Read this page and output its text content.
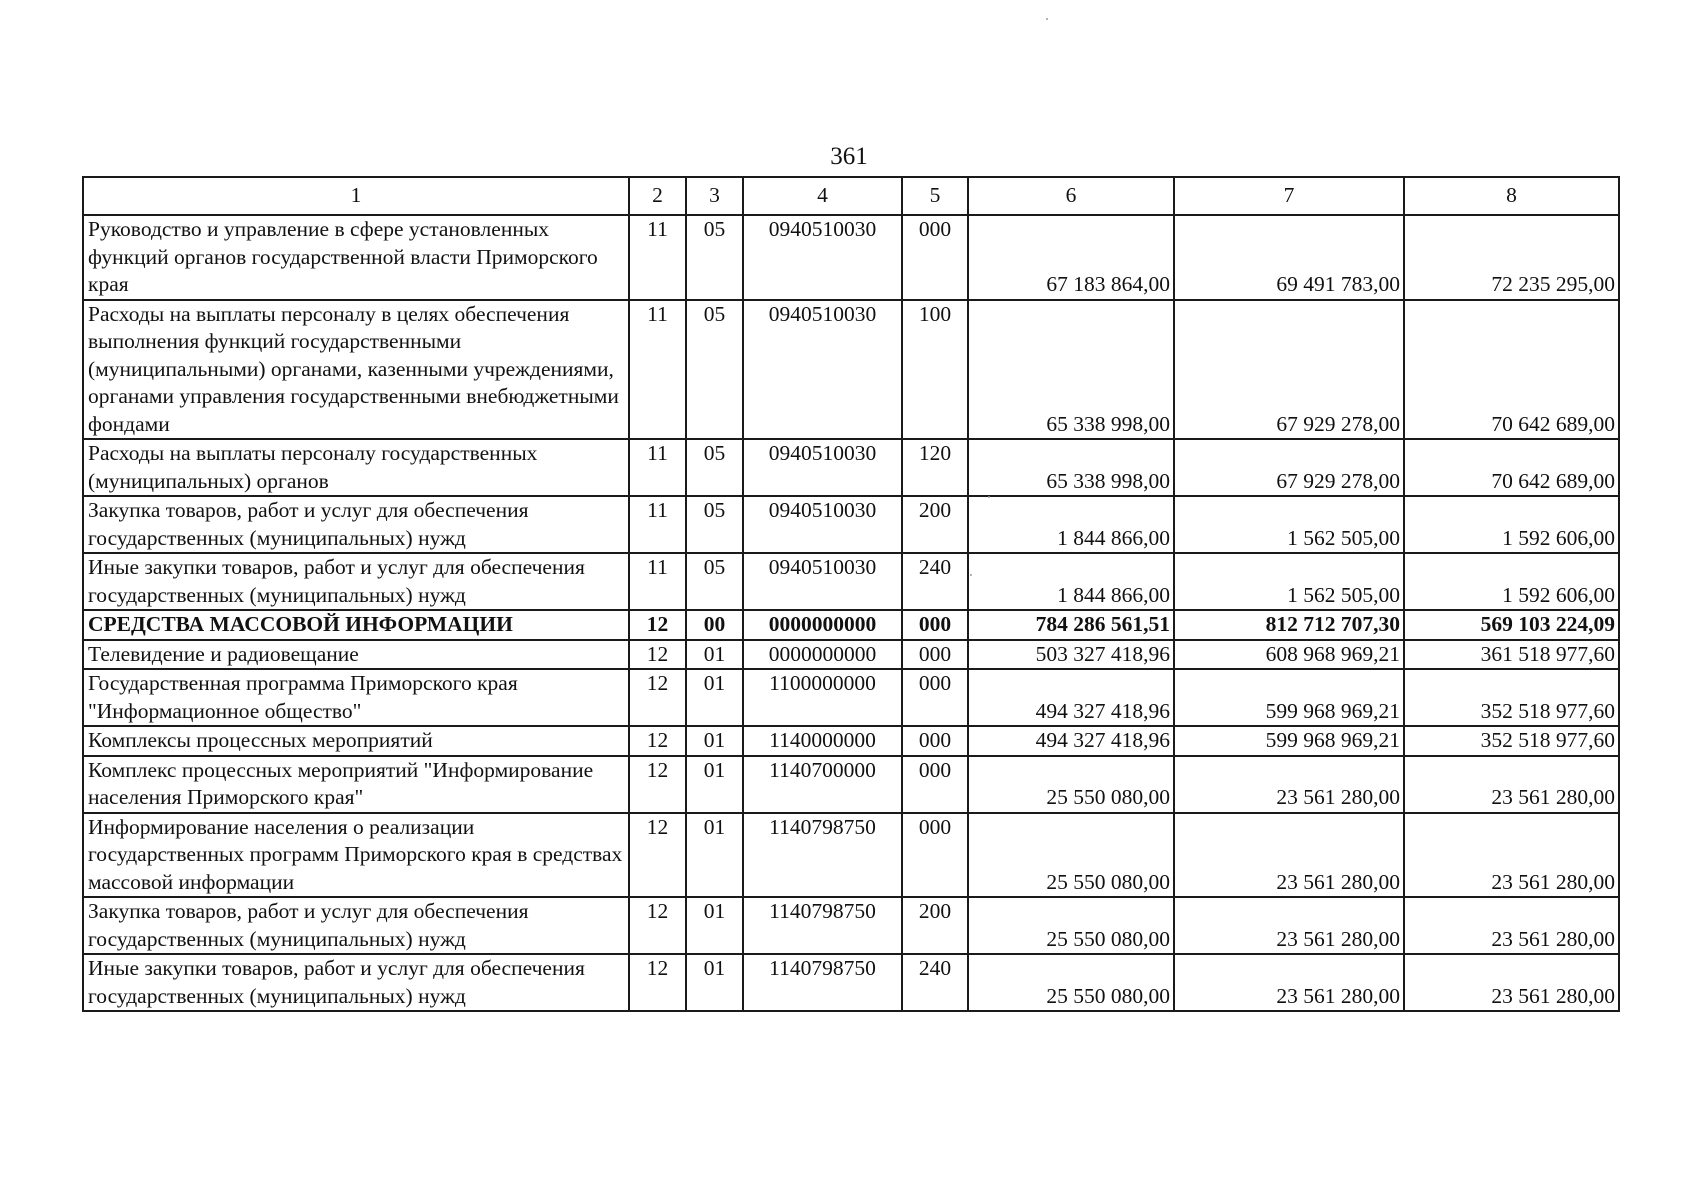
361
1	2	3	4	5	6	7	8
Руководство и управление в сфере установленных функций органов государственной власти Приморского края	11	05	0940510030	000	67 183 864,00	69 491 783,00	72 235 295,00
Расходы на выплаты персоналу в целях обеспечения выполнения функций государственными (муниципальными) органами, казенными учреждениями, органами управления государственными внебюджетными фондами	11	05	0940510030	100	65 338 998,00	67 929 278,00	70 642 689,00
Расходы на выплаты персоналу государственных (муниципальных) органов	11	05	0940510030	120	65 338 998,00	67 929 278,00	70 642 689,00
Закупка товаров, работ и услуг для обеспечения государственных (муниципальных) нужд	11	05	0940510030	200	1 844 866,00	1 562 505,00	1 592 606,00
Иные закупки товаров, работ и услуг для обеспечения государственных (муниципальных) нужд	11	05	0940510030	240	1 844 866,00	1 562 505,00	1 592 606,00
СРЕДСТВА МАССОВОЙ ИНФОРМАЦИИ	12	00	0000000000	000	784 286 561,51	812 712 707,30	569 103 224,09
Телевидение и радиовещание	12	01	0000000000	000	503 327 418,96	608 968 969,21	361 518 977,60
Государственная программа Приморского края "Информационное общество"	12	01	1100000000	000	494 327 418,96	599 968 969,21	352 518 977,60
Комплексы процессных мероприятий	12	01	1140000000	000	494 327 418,96	599 968 969,21	352 518 977,60
Комплекс процессных мероприятий "Информирование населения Приморского края"	12	01	1140700000	000	25 550 080,00	23 561 280,00	23 561 280,00
Информирование населения о реализации государственных программ Приморского края в средствах массовой информации	12	01	1140798750	000	25 550 080,00	23 561 280,00	23 561 280,00
Закупка товаров, работ и услуг для обеспечения государственных (муниципальных) нужд	12	01	1140798750	200	25 550 080,00	23 561 280,00	23 561 280,00
Иные закупки товаров, работ и услуг для обеспечения государственных (муниципальных) нужд	12	01	1140798750	240	25 550 080,00	23 561 280,00	23 561 280,00
